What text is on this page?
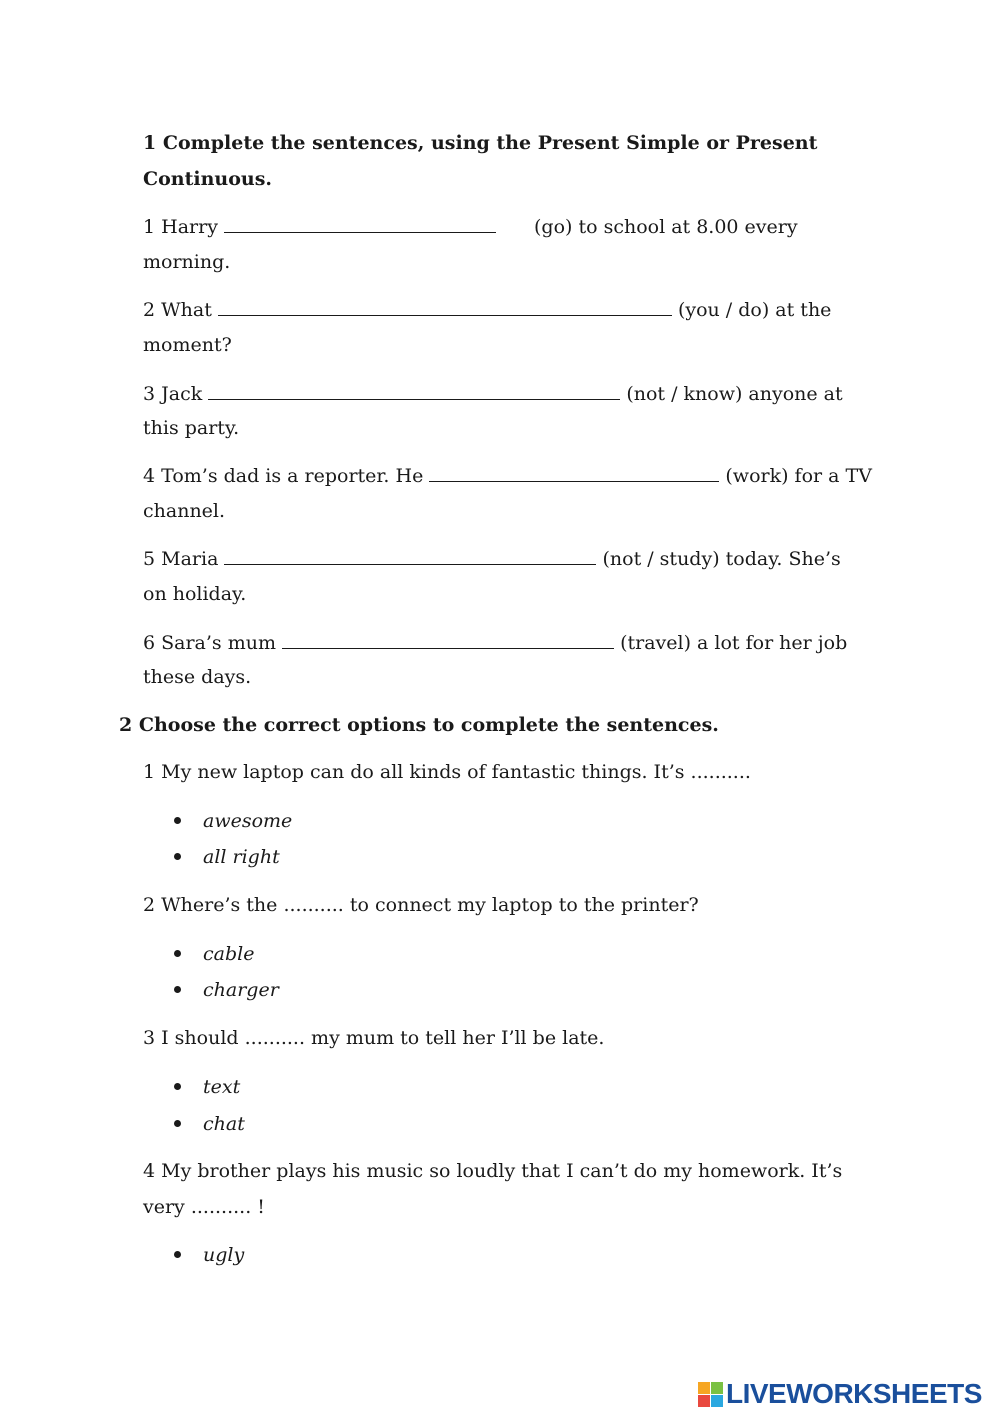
1 Complete the sentences, using the Present Simple or Present
Continuous.
1 Harry	(go) to school at 8.00 every
morning.
2 What	(you / do) at the
moment?
3 Jack	(not / know) anyone at
this party.
4 Tom’s dad is a reporter. He	(work) for a TV
channel.
5 Maria	(not / study) today. She’s
on holiday.
6 Sara’s mum	(travel) a lot for her job
these days.
2 Choose the correct options to complete the sentences.
1 My new laptop can do all kinds of fantastic things. It’s ..........
awesome
all right
2 Where’s the .......... to connect my laptop to the printer?
cable
charger
3 I should .......... my mum to tell her I’ll be late.
text
chat
4 My brother plays his music so loudly that I can’t do my homework. It’s
very .......... !
ugly
LIVEWORKSHEETS
